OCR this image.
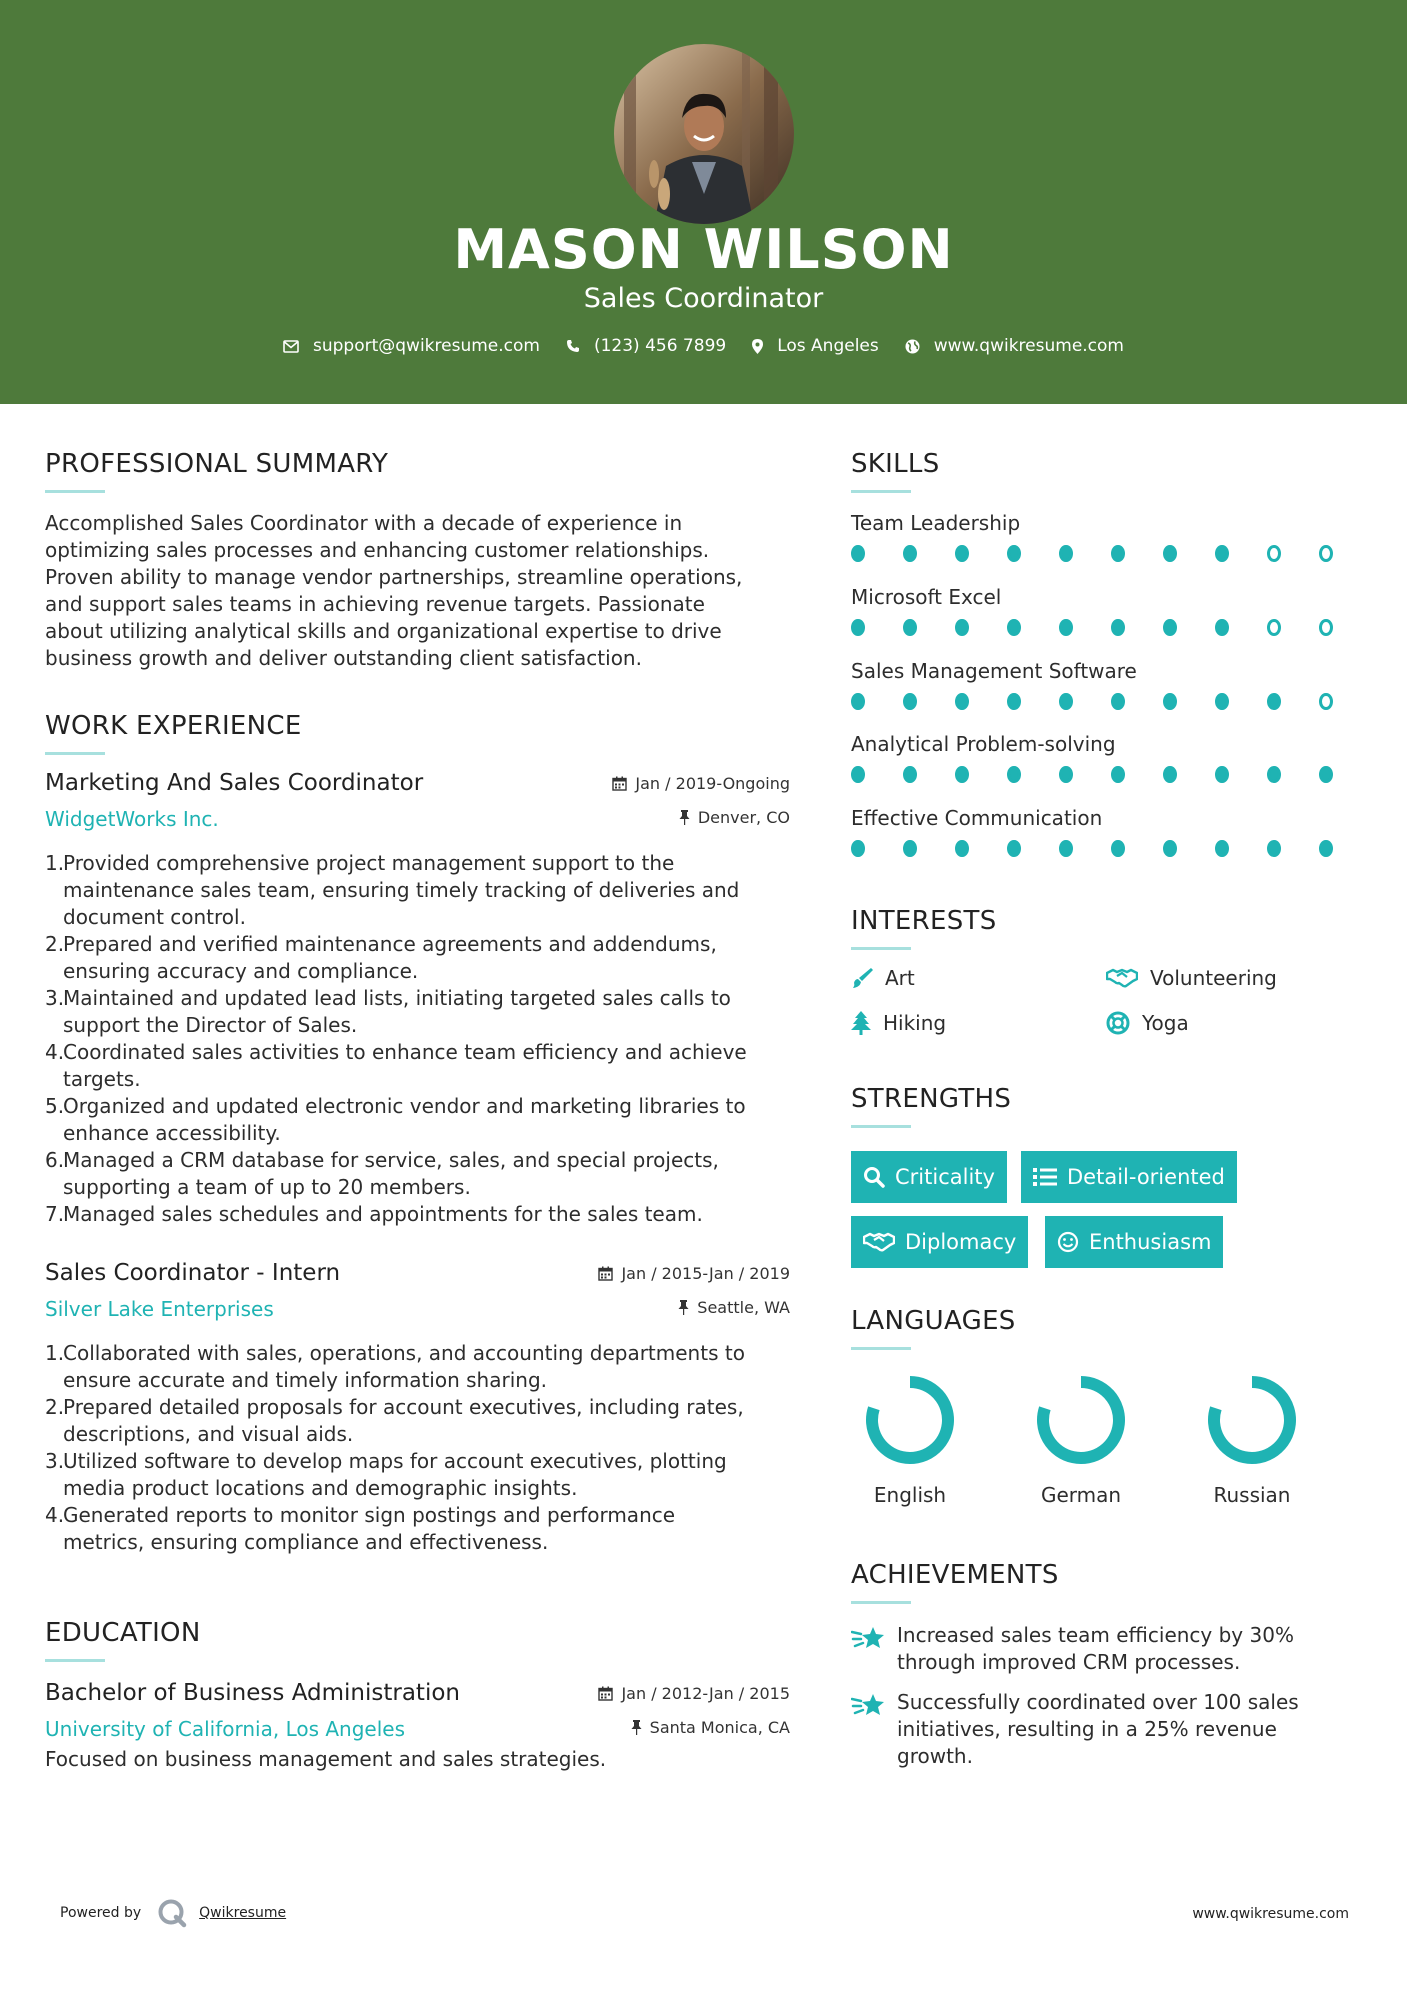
MASON WILSON
Sales Coordinator
support@qwikresume.com	(123) 456 7899	Los Angeles	www.qwikresume.com
PROFESSIONAL SUMMARY
Accomplished Sales Coordinator with a decade of experience in
optimizing sales processes and enhancing customer relationships.
Proven ability to manage vendor partnerships, streamline operations,
and support sales teams in achieving revenue targets. Passionate
about utilizing analytical skills and organizational expertise to drive
business growth and deliver outstanding client satisfaction.
WORK EXPERIENCE
Marketing And Sales Coordinator
WidgetWorks Inc.
Jan / 2019-Ongoing
Denver, CO
1.
Provided comprehensive project management support to the
maintenance sales team, ensuring timely tracking of deliveries and
document control.
2.
Prepared and verified maintenance agreements and addendums,
ensuring accuracy and compliance.
3.
Maintained and updated lead lists, initiating targeted sales calls to
support the Director of Sales.
4.
Coordinated sales activities to enhance team efficiency and achieve
targets.
5.
Organized and updated electronic vendor and marketing libraries to
enhance accessibility.
6.
Managed a CRM database for service, sales, and special projects,
supporting a team of up to 20 members.
7.
Managed sales schedules and appointments for the sales team.
Sales Coordinator - Intern
Silver Lake Enterprises
Jan / 2015-Jan / 2019
Seattle, WA
1.
Collaborated with sales, operations, and accounting departments to
ensure accurate and timely information sharing.
2.
Prepared detailed proposals for account executives, including rates,
descriptions, and visual aids.
3.
Utilized software to develop maps for account executives, plotting
media product locations and demographic insights.
4.
Generated reports to monitor sign postings and performance
metrics, ensuring compliance and effectiveness.
EDUCATION
Bachelor of Business Administration
University of California, Los Angeles
Jan / 2012-Jan / 2015
Santa Monica, CA
Focused on business management and sales strategies.
SKILLS
Team Leadership
Microsoft Excel
Sales Management Software
Analytical Problem-solving
Effective Communication
INTERESTS
Art	Volunteering
Hiking	Yoga
STRENGTHS
Criticality	Detail-oriented
Diplomacy	Enthusiasm
LANGUAGES
English	German	Russian
ACHIEVEMENTS
Increased sales team efficiency by 30%
through improved CRM processes.
Successfully coordinated over 100 sales
initiatives, resulting in a 25% revenue
growth.
Powered by	Qwikresume	www.qwikresume.com
